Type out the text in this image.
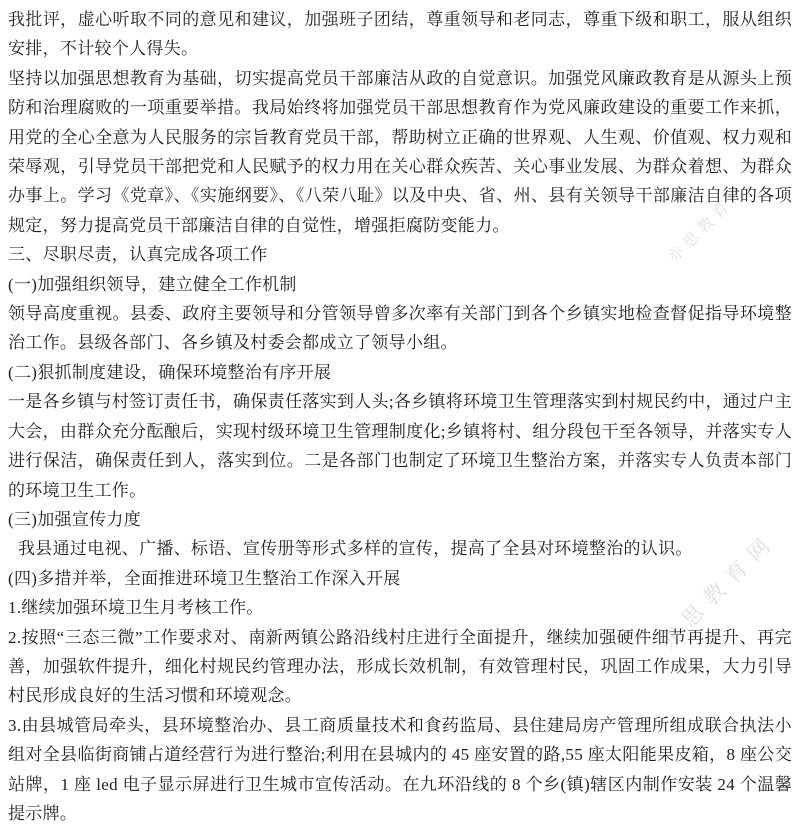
亦思教育网
亦思教育网

我批评，虚心听取不同的意见和建议，加强班子团结，尊重领导和老同志，尊重下级和职工，服从组织安排，不计较个人得失。

坚持以加强思想教育为基础，切实提高党员干部廉洁从政的自觉意识。加强党风廉政教育是从源头上预防和治理腐败的一项重要举措。我局始终将加强党员干部思想教育作为党风廉政建设的重要工作来抓，用党的全心全意为人民服务的宗旨教育党员干部，帮助树立正确的世界观、人生观、价值观、权力观和荣辱观，引导党员干部把党和人民赋予的权力用在关心群众疾苦、关心事业发展、为群众着想、为群众办事上。学习《党章》、《实施纲要》、《八荣八耻》以及中央、省、州、县有关领导干部廉洁自律的各项规定，努力提高党员干部廉洁自律的自觉性，增强拒腐防变能力。

三、尽职尽责，认真完成各项工作

(一)加强组织领导，建立健全工作机制

领导高度重视。县委、政府主要领导和分管领导曾多次率有关部门到各个乡镇实地检查督促指导环境整治工作。县级各部门、各乡镇及村委会都成立了领导小组。

(二)狠抓制度建设，确保环境整治有序开展

一是各乡镇与村签订责任书，确保责任落实到人头;各乡镇将环境卫生管理落实到村规民约中，通过户主大会，由群众充分酝酿后，实现村级环境卫生管理制度化;乡镇将村、组分段包干至各领导，并落实专人进行保洁，确保责任到人，落实到位。二是各部门也制定了环境卫生整治方案，并落实专人负责本部门的环境卫生工作。

(三)加强宣传力度

我县通过电视、广播、标语、宣传册等形式多样的宣传，提高了全县对环境整治的认识。

(四)多措并举，全面推进环境卫生整治工作深入开展

1.继续加强环境卫生月考核工作。

2.按照“三态三微”工作要求对、南新两镇公路沿线村庄进行全面提升，继续加强硬件细节再提升、再完善，加强软件提升，细化村规民约管理办法，形成长效机制，有效管理村民，巩固工作成果，大力引导村民形成良好的生活习惯和环境观念。

3.由县城管局牵头，县环境整治办、县工商质量技术和食药监局、县住建局房产管理所组成联合执法小组对全县临街商铺占道经营行为进行整治;利用在县城内的 45 座安置的路,55 座太阳能果皮箱，8 座公交站牌，1 座 led 电子显示屏进行卫生城市宣传活动。在九环沿线的 8 个乡(镇)辖区内制作安装 24 个温馨提示牌。
